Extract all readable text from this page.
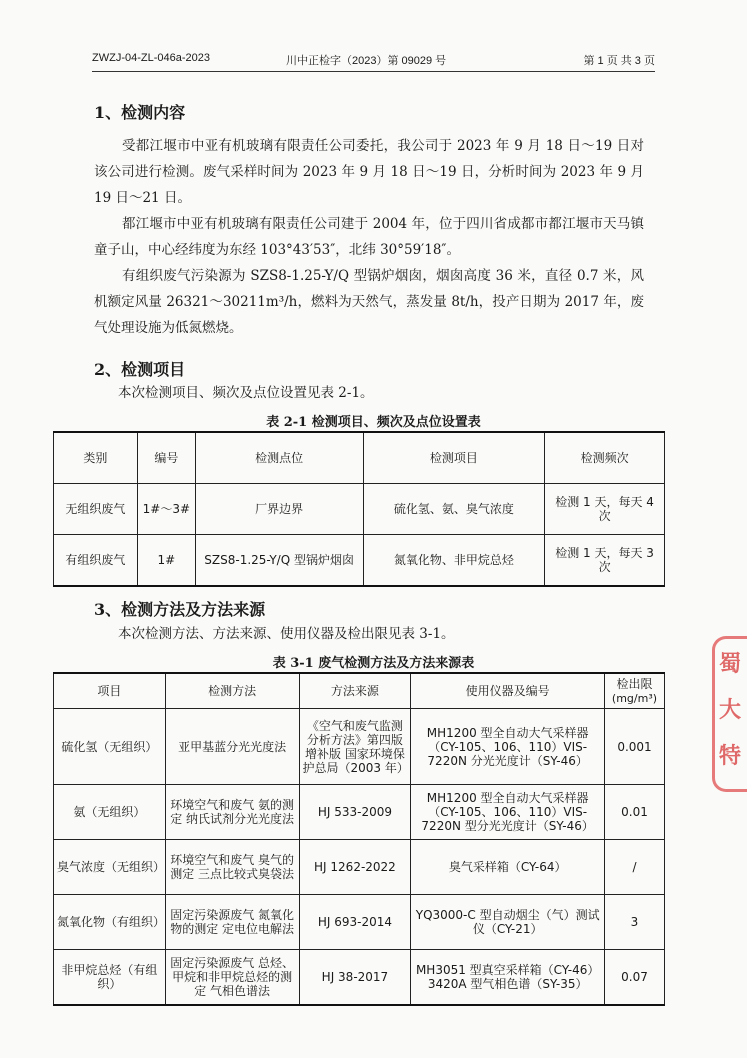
ZWZJ-04-ZL-046a-2023	川中正检字（2023）第 09029 号	第 1 页 共 3 页
1、检测内容

受都江堰市中亚有机玻璃有限责任公司委托，我公司于 2023 年 9 月 18 日～19 日对该公司进行检测。废气采样时间为 2023 年 9 月 18 日～19 日，分析时间为 2023 年 9 月 19 日～21 日。

都江堰市中亚有机玻璃有限责任公司建于 2004 年，位于四川省成都市都江堰市天马镇童子山，中心经纬度为东经 103°43′53″，北纬 30°59′18″。

有组织废气污染源为 SZS8-1.25-Y/Q 型锅炉烟囱，烟囱高度 36 米，直径 0.7 米，风机额定风量 26321～30211m³/h，燃料为天然气，蒸发量 8t/h，投产日期为 2017 年，废气处理设施为低氮燃烧。

2、检测项目

本次检测项目、频次及点位设置见表 2-1。

表 2-1 检测项目、频次及点位设置表
类别	编号	检测点位	检测项目	检测频次
无组织废气	1#～3#	厂界边界	硫化氢、氨、臭气浓度	检测 1 天，每天 4 次
有组织废气	1#	SZS8-1.25-Y/Q 型锅炉烟囱	氮氧化物、非甲烷总烃	检测 1 天，每天 3 次
3、检测方法及方法来源

本次检测方法、方法来源、使用仪器及检出限见表 3-1。

表 3-1 废气检测方法及方法来源表
项目	检测方法	方法来源	使用仪器及编号	检出限
(mg/m³)
硫化氢（无组织）	亚甲基蓝分光光度法	《空气和废气监测分析方法》第四版增补版 国家环境保护总局（2003 年）	MH1200 型全自动大气采样器（CY-105、106、110）VIS-7220N 分光光度计（SY-46）	0.001
氨（无组织）	环境空气和废气 氨的测定 纳氏试剂分光光度法	HJ 533-2009	MH1200 型全自动大气采样器（CY-105、106、110）VIS-7220N 型分光光度计（SY-46）	0.01
臭气浓度（无组织）	环境空气和废气 臭气的测定 三点比较式臭袋法	HJ 1262-2022	臭气采样箱（CY-64）	/
氮氧化物（有组织）	固定污染源废气 氮氧化物的测定 定电位电解法	HJ 693-2014	YQ3000-C 型自动烟尘（气）测试仪（CY-21）	3
非甲烷总烃（有组织）	固定污染源废气 总烃、甲烷和非甲烷总烃的测定 气相色谱法	HJ 38-2017	MH3051 型真空采样箱（CY-46）3420A 型气相色谱（SY-35）	0.07
蜀
大
特
